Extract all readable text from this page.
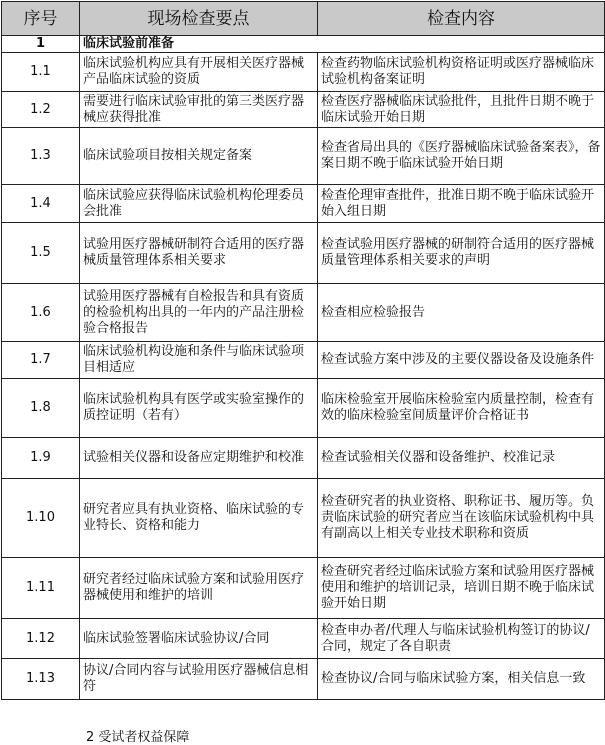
序号	现场检查要点	检查内容
1	临床试验前准备	
1.1	临床试验机构应具有开展相关医疗器械产品临床试验的资质	检查药物临床试验机构资格证明或医疗器械临床试验机构备案证明
1.2	需要进行临床试验审批的第三类医疗器械应获得批准	检查医疗器械临床试验批件，且批件日期不晚于临床试验开始日期
1.3	临床试验项目按相关规定备案	检查省局出具的《医疗器械临床试验备案表》，备案日期不晚于临床试验开始日期
1.4	临床试验应获得临床试验机构伦理委员会批准	检查伦理审查批件，批准日期不晚于临床试验开始入组日期
1.5	试验用医疗器械研制符合适用的医疗器械质量管理体系相关要求	检查试验用医疗器械的研制符合适用的医疗器械质量管理体系相关要求的声明
1.6	试验用医疗器械有自检报告和具有资质的检验机构出具的一年内的产品注册检验合格报告	检查相应检验报告
1.7	临床试验机构设施和条件与临床试验项目相适应	检查试验方案中涉及的主要仪器设备及设施条件
1.8	临床试验机构具有医学或实验室操作的质控证明（若有）	临床检验室开展临床检验室内质量控制，检查有效的临床检验室间质量评价合格证书
1.9	试验相关仪器和设备应定期维护和校准	检查试验相关仪器和设备维护、校准记录
1.10	研究者应具有执业资格、临床试验的专业特长、资格和能力	检查研究者的执业资格、职称证书、履历等。负责临床试验的研究者应当在该临床试验机构中具有副高以上相关专业技术职称和资质
1.11	研究者经过临床试验方案和试验用医疗器械使用和维护的培训	检查研究者经过临床试验方案和试验用医疗器械使用和维护的培训记录，培训日期不晚于临床试验开始日期
1.12	临床试验签署临床试验协议/合同	检查申办者/代理人与临床试验机构签订的协议/合同，规定了各自职责
1.13	协议/合同内容与试验用医疗器械信息相符	检查协议/合同与临床试验方案，相关信息一致
2 受试者权益保障
